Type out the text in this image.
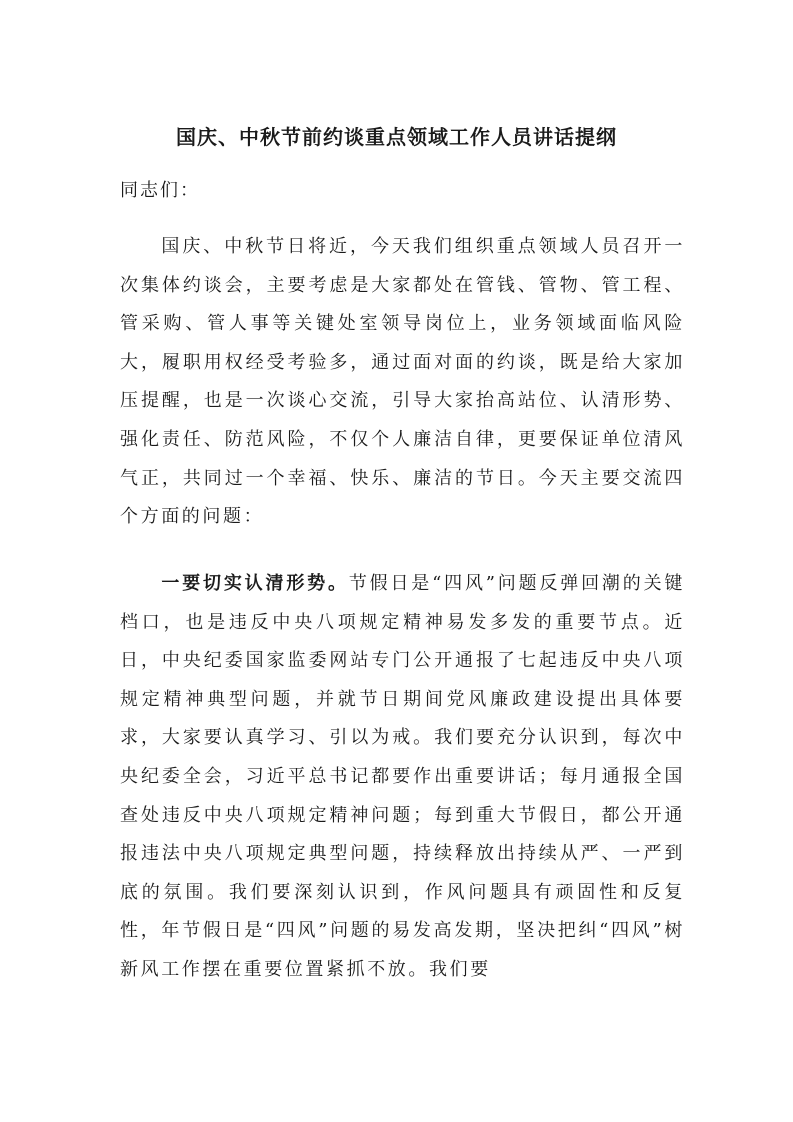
国庆、中秋节前约谈重点领域工作人员讲话提纲

同志们：

国庆、中秋节日将近，今天我们组织重点领域人员召开一次集体约谈会，主要考虑是大家都处在管钱、管物、管工程、管采购、管人事等关键处室领导岗位上，业务领域面临风险大，履职用权经受考验多，通过面对面的约谈，既是给大家加压提醒，也是一次谈心交流，引导大家抬高站位、认清形势、强化责任、防范风险，不仅个人廉洁自律，更要保证单位清风气正，共同过一个幸福、快乐、廉洁的节日。今天主要交流四个方面的问题：

一要切实认清形势。节假日是“四风”问题反弹回潮的关键档口，也是违反中央八项规定精神易发多发的重要节点。近日，中央纪委国家监委网站专门公开通报了七起违反中央八项规定精神典型问题，并就节日期间党风廉政建设提出具体要求，大家要认真学习、引以为戒。我们要充分认识到，每次中央纪委全会，习近平总书记都要作出重要讲话；每月通报全国查处违反中央八项规定精神问题；每到重大节假日，都公开通报违法中央八项规定典型问题，持续释放出持续从严、一严到底的氛围。我们要深刻认识到，作风问题具有顽固性和反复性，年节假日是“四风”问题的易发高发期，坚决把纠“四风”树新风工作摆在重要位置紧抓不放。我们要
